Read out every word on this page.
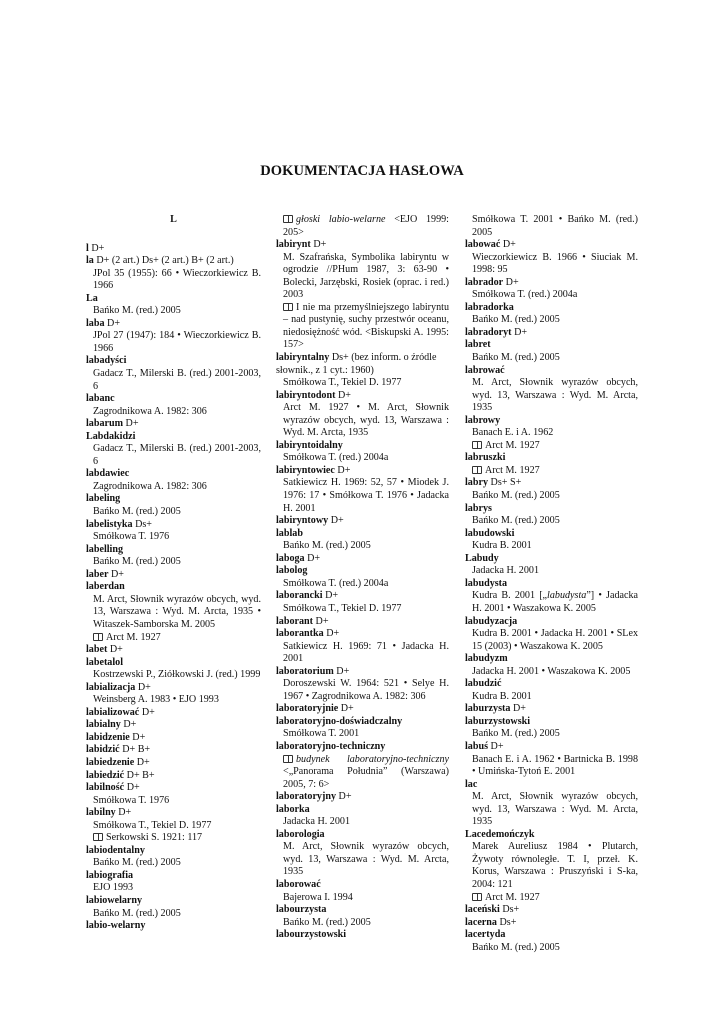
DOKUMENTACJA HASŁOWA

L

l D+
la D+ (2 art.) Ds+ (2 art.) B+ (2 art.)
JPol 35 (1955): 66 • Wieczorkiewicz B. 1966
La
Bańko M. (red.) 2005
laba D+
JPol 27 (1947): 184 • Wieczorkiewicz B. 1966
labadyści
Gadacz T., Milerski B. (red.) 2001-2003, 6
labanc
Zagrodnikowa A. 1982: 306
labarum D+
Labdakidzi
Gadacz T., Milerski B. (red.) 2001-2003, 6
labdawiec
Zagrodnikowa A. 1982: 306
labeling
Bańko M. (red.) 2005
labelistyka Ds+
Smółkowa T. 1976
labelling
Bańko M. (red.) 2005
laber D+
laberdan
M. Arct, Słownik wyrazów obcych, wyd. 13, Warszawa : Wyd. M. Arcta, 1935 • Witaszek-Samborska M. 2005
Arct M. 1927
labet D+
labetalol
Kostrzewski P., Ziółkowski J. (red.) 1999
labializacja D+
Weinsberg A. 1983 • EJO 1993
labializować D+
labialny D+
labidzenie D+
labidzić D+ B+
labiedzenie D+
labiedzić D+ B+
labilność D+
Smółkowa T. 1976
labilny D+
Smółkowa T., Tekiel D. 1977
Serkowski S. 1921: 117
labiodentalny
Bańko M. (red.) 2005
labiografia
EJO 1993
labiowelarny
Bańko M. (red.) 2005
labio-welarny
głoski labio-welarne <EJO 1999: 205>
labirynt D+
M. Szafrańska, Symbolika labiryntu w ogrodzie //PHum 1987, 3: 63-90 • Bolecki, Jarzębski, Rosiek (oprac. i red.) 2003
I nie ma przemyślniejszego labiryntu – nad pustynię, suchy przestwór oceanu, niedosiężność wód. <Biskupski A. 1995: 157>
labiryntalny Ds+ (bez inform. o źródle słownik., z 1 cyt.: 1960)
Smółkowa T., Tekiel D. 1977
labiryntodont D+
Arct M. 1927 • M. Arct, Słownik wyrazów obcych, wyd. 13, Warszawa : Wyd. M. Arcta, 1935
labiryntoidalny
Smółkowa T. (red.) 2004a
labiryntowiec D+
Satkiewicz H. 1969: 52, 57 • Miodek J. 1976: 17 • Smółkowa T. 1976 • Jadacka H. 2001
labiryntowy D+
lablab
Bańko M. (red.) 2005
laboga D+
labolog
Smółkowa T. (red.) 2004a
laborancki D+
Smółkowa T., Tekiel D. 1977
laborant D+
laborantka D+
Satkiewicz H. 1969: 71 • Jadacka H. 2001
laboratorium D+
Doroszewski W. 1964: 521 • Selye H. 1967 • Zagrodnikowa A. 1982: 306
laboratoryjnie D+
laboratoryjno-doświadczalny
Smółkowa T. 2001
laboratoryjno-techniczny
budynek laboratoryjno-techniczny <„Panorama Południa” (Warszawa) 2005, 7: 6>
laboratoryjny D+
laborka
Jadacka H. 2001
laborologia
M. Arct, Słownik wyrazów obcych, wyd. 13, Warszawa : Wyd. M. Arcta, 1935
laborować
Bajerowa I. 1994
labourzysta
Bańko M. (red.) 2005
labourzystowski
Smółkowa T. 2001 • Bańko M. (red.) 2005
labować D+
Wieczorkiewicz B. 1966 • Siuciak M. 1998: 95
labrador D+
Smółkowa T. (red.) 2004a
labradorka
Bańko M. (red.) 2005
labradoryt D+
labret
Bańko M. (red.) 2005
labrować
M. Arct, Słownik wyrazów obcych, wyd. 13, Warszawa : Wyd. M. Arcta, 1935
labrowy
Banach E. i A. 1962
Arct M. 1927
labruszki
Arct M. 1927
labry Ds+ S+
Bańko M. (red.) 2005
labrys
Bańko M. (red.) 2005
labudowski
Kudra B. 2001
Labudy
Jadacka H. 2001
labudysta
Kudra B. 2001 [„labudysta”] • Jadacka H. 2001 • Waszakowa K. 2005
labudyzacja
Kudra B. 2001 • Jadacka H. 2001 • SLex 15 (2003) • Waszakowa K. 2005
labudyzm
Jadacka H. 2001 • Waszakowa K. 2005
labudzić
Kudra B. 2001
laburzysta D+
laburzystowski
Bańko M. (red.) 2005
labuś D+
Banach E. i A. 1962 • Bartnicka B. 1998 • Umińska-Tytoń E. 2001
lac
M. Arct, Słownik wyrazów obcych, wyd. 13, Warszawa : Wyd. M. Arcta, 1935
Lacedemończyk
Marek Aureliusz 1984 • Plutarch, Żywoty równoległe. T. I, przeł. K. Korus, Warszawa : Pruszyński i S-ka, 2004: 121
Arct M. 1927
laceński Ds+
lacerna Ds+
lacertyda
Bańko M. (red.) 2005
